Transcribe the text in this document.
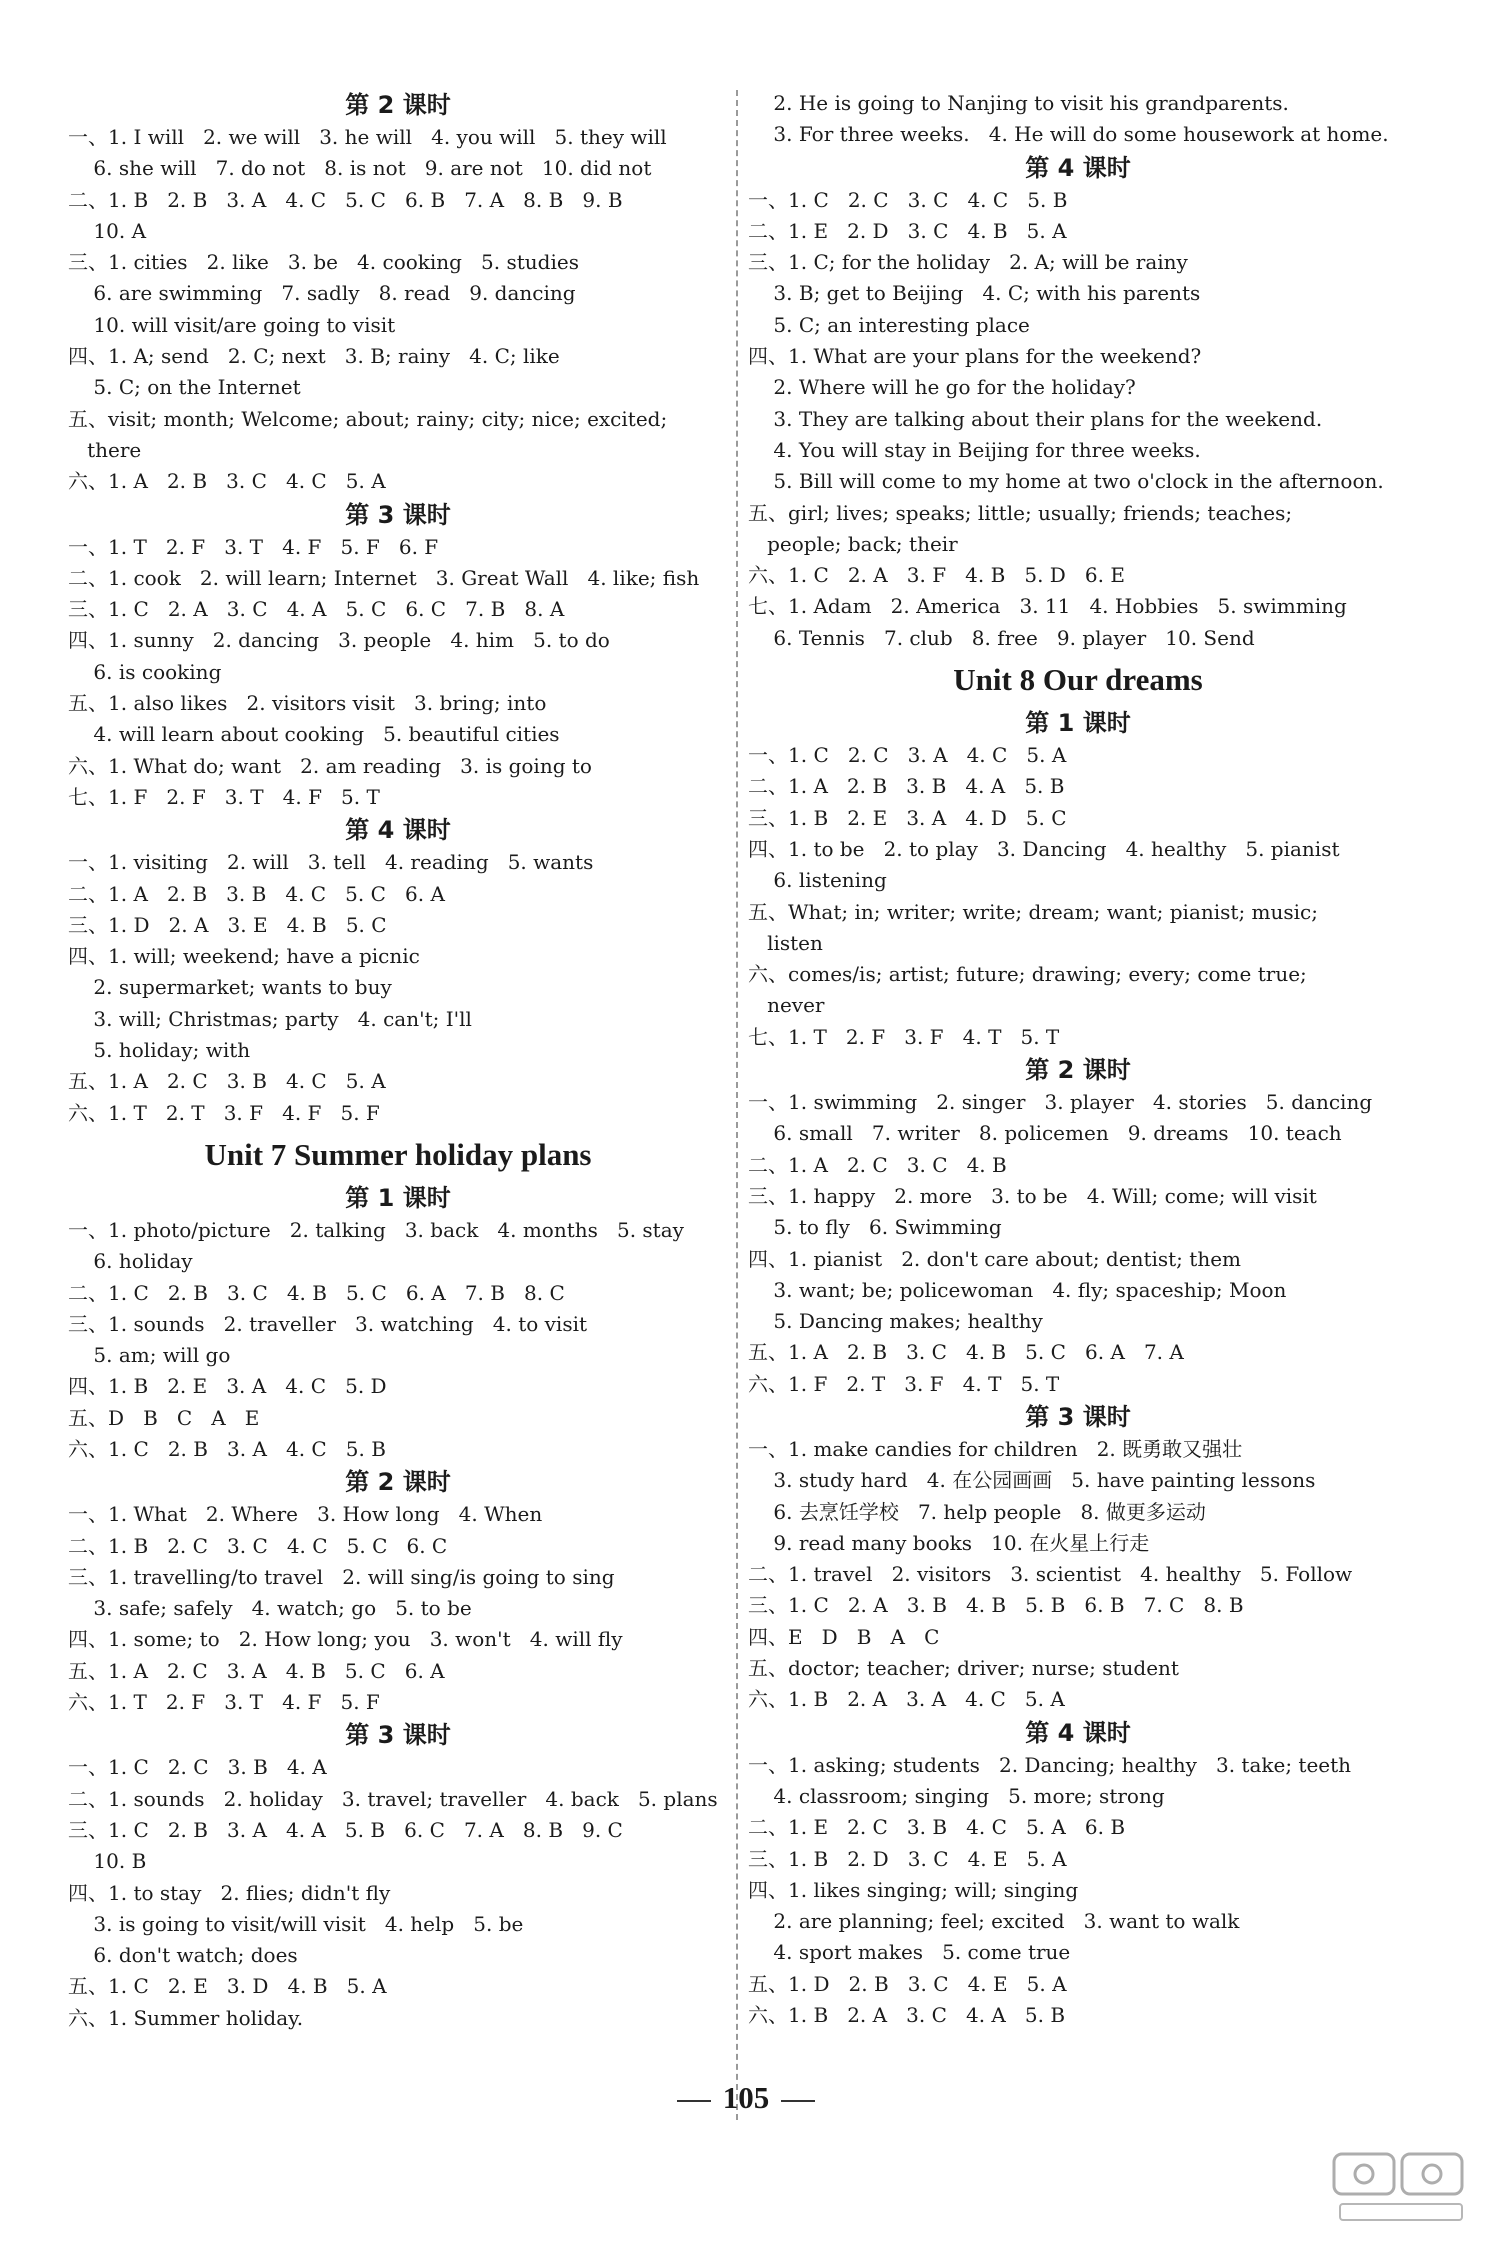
第 2 课时
一、1. I will   2. we will   3. he will   4. you will   5. they will
6. she will   7. do not   8. is not   9. are not   10. did not
二、1. B   2. B   3. A   4. C   5. C   6. B   7. A   8. B   9. B
10. A
三、1. cities   2. like   3. be   4. cooking   5. studies
6. are swimming   7. sadly   8. read   9. dancing
10. will visit/are going to visit
四、1. A; send   2. C; next   3. B; rainy   4. C; like
5. C; on the Internet
五、visit; month; Welcome; about; rainy; city; nice; excited;
there
六、1. A   2. B   3. C   4. C   5. A
第 3 课时
一、1. T   2. F   3. T   4. F   5. F   6. F
二、1. cook   2. will learn; Internet   3. Great Wall   4. like; fish
三、1. C   2. A   3. C   4. A   5. C   6. C   7. B   8. A
四、1. sunny   2. dancing   3. people   4. him   5. to do
6. is cooking
五、1. also likes   2. visitors visit   3. bring; into
4. will learn about cooking   5. beautiful cities
六、1. What do; want   2. am reading   3. is going to
七、1. F   2. F   3. T   4. F   5. T
第 4 课时
一、1. visiting   2. will   3. tell   4. reading   5. wants
二、1. A   2. B   3. B   4. C   5. C   6. A
三、1. D   2. A   3. E   4. B   5. C
四、1. will; weekend; have a picnic
2. supermarket; wants to buy
3. will; Christmas; party   4. can't; I'll
5. holiday; with
五、1. A   2. C   3. B   4. C   5. A
六、1. T   2. T   3. F   4. F   5. F
Unit 7 Summer holiday plans
第 1 课时
一、1. photo/picture   2. talking   3. back   4. months   5. stay
6. holiday
二、1. C   2. B   3. C   4. B   5. C   6. A   7. B   8. C
三、1. sounds   2. traveller   3. watching   4. to visit
5. am; will go
四、1. B   2. E   3. A   4. C   5. D
五、D   B   C   A   E
六、1. C   2. B   3. A   4. C   5. B
第 2 课时
一、1. What   2. Where   3. How long   4. When
二、1. B   2. C   3. C   4. C   5. C   6. C
三、1. travelling/to travel   2. will sing/is going to sing
3. safe; safely   4. watch; go   5. to be
四、1. some; to   2. How long; you   3. won't   4. will fly
五、1. A   2. C   3. A   4. B   5. C   6. A
六、1. T   2. F   3. T   4. F   5. F
第 3 课时
一、1. C   2. C   3. B   4. A
二、1. sounds   2. holiday   3. travel; traveller   4. back   5. plans
三、1. C   2. B   3. A   4. A   5. B   6. C   7. A   8. B   9. C
10. B
四、1. to stay   2. flies; didn't fly
3. is going to visit/will visit   4. help   5. be
6. don't watch; does
五、1. C   2. E   3. D   4. B   5. A
六、1. Summer holiday.
2. He is going to Nanjing to visit his grandparents.
3. For three weeks.   4. He will do some housework at home.
第 4 课时
一、1. C   2. C   3. C   4. C   5. B
二、1. E   2. D   3. C   4. B   5. A
三、1. C; for the holiday   2. A; will be rainy
3. B; get to Beijing   4. C; with his parents
5. C; an interesting place
四、1. What are your plans for the weekend?
2. Where will he go for the holiday?
3. They are talking about their plans for the weekend.
4. You will stay in Beijing for three weeks.
5. Bill will come to my home at two o'clock in the afternoon.
五、girl; lives; speaks; little; usually; friends; teaches;
people; back; their
六、1. C   2. A   3. F   4. B   5. D   6. E
七、1. Adam   2. America   3. 11   4. Hobbies   5. swimming
6. Tennis   7. club   8. free   9. player   10. Send
Unit 8 Our dreams
第 1 课时
一、1. C   2. C   3. A   4. C   5. A
二、1. A   2. B   3. B   4. A   5. B
三、1. B   2. E   3. A   4. D   5. C
四、1. to be   2. to play   3. Dancing   4. healthy   5. pianist
6. listening
五、What; in; writer; write; dream; want; pianist; music;
listen
六、comes/is; artist; future; drawing; every; come true;
never
七、1. T   2. F   3. F   4. T   5. T
第 2 课时
一、1. swimming   2. singer   3. player   4. stories   5. dancing
6. small   7. writer   8. policemen   9. dreams   10. teach
二、1. A   2. C   3. C   4. B
三、1. happy   2. more   3. to be   4. Will; come; will visit
5. to fly   6. Swimming
四、1. pianist   2. don't care about; dentist; them
3. want; be; policewoman   4. fly; spaceship; Moon
5. Dancing makes; healthy
五、1. A   2. B   3. C   4. B   5. C   6. A   7. A
六、1. F   2. T   3. F   4. T   5. T
第 3 课时
一、1. make candies for children   2. 既勇敢又强壮
3. study hard   4. 在公园画画   5. have painting lessons
6. 去烹饪学校   7. help people   8. 做更多运动
9. read many books   10. 在火星上行走
二、1. travel   2. visitors   3. scientist   4. healthy   5. Follow
三、1. C   2. A   3. B   4. B   5. B   6. B   7. C   8. B
四、E   D   B   A   C
五、doctor; teacher; driver; nurse; student
六、1. B   2. A   3. A   4. C   5. A
第 4 课时
一、1. asking; students   2. Dancing; healthy   3. take; teeth
4. classroom; singing   5. more; strong
二、1. E   2. C   3. B   4. C   5. A   6. B
三、1. B   2. D   3. C   4. E   5. A
四、1. likes singing; will; singing
2. are planning; feel; excited   3. want to walk
4. sport makes   5. come true
五、1. D   2. B   3. C   4. E   5. A
六、1. B   2. A   3. C   4. A   5. B
105
